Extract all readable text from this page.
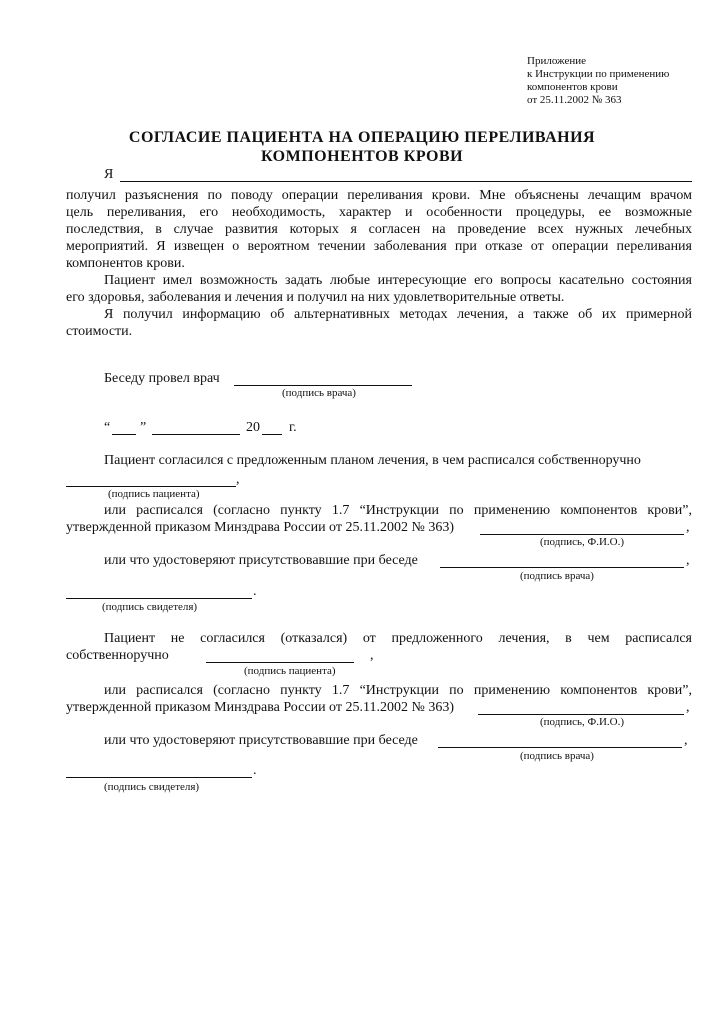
Приложение
к Инструкции по применению
компонентов крови
от 25.11.2002 № 363
СОГЛАСИЕ ПАЦИЕНТА НА ОПЕРАЦИЮ ПЕРЕЛИВАНИЯ
КОМПОНЕНТОВ КРОВИ
Я
получил разъяснения по поводу операции переливания крови. Мне объяснены лечащим врачом
цель переливания, его необходимость, характер и особенности процедуры, ее возможные
последствия, в случае развития которых я согласен на проведение всех нужных лечебных
мероприятий. Я извещен о вероятном течении заболевания при отказе от операции переливания
компонентов крови.
Пациент имел возможность задать любые интересующие его вопросы касательно состояния
его здоровья, заболевания и лечения и получил на них удовлетворительные ответы.
Я получил информацию об альтернативных методах лечения, а также об их примерной
стоимости.
Беседу провел врач
(подпись врача)
“ ”	20 г.
Пациент согласился с предложенным планом лечения, в чем расписался собственноручно
,
(подпись пациента)
или расписался (согласно пункту 1.7 “Инструкции по применению компонентов крови”,
утвержденной приказом Минздрава России от 25.11.2002 № 363)	,
(подпись, Ф.И.О.)
или что удостоверяют присутствовавшие при беседе	,
(подпись врача)
.
(подпись свидетеля)
Пациент не согласился (отказался) от предложенного лечения, в чем расписался
собственноручно	,
(подпись пациента)
или расписался (согласно пункту 1.7 “Инструкции по применению компонентов крови”,
утвержденной приказом Минздрава России от 25.11.2002 № 363)	,
(подпись, Ф.И.О.)
или что удостоверяют присутствовавшие при беседе	,
(подпись врача)
.
(подпись свидетеля)
